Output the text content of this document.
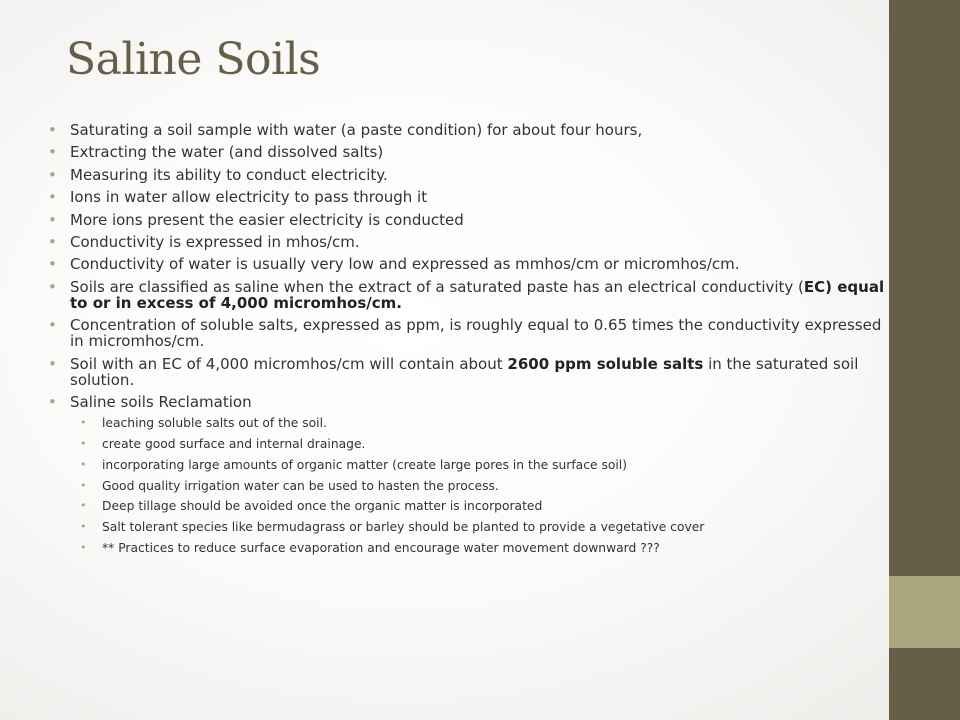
Saline Soils
• Saturating a soil sample with water (a paste condition) for about four hours,
• Extracting the water (and dissolved salts)
• Measuring its ability to conduct electricity.
• Ions in water allow electricity to pass through it
• More ions present the easier electricity is conducted
• Conductivity is expressed in mhos/cm.
• Conductivity of water is usually very low and expressed as mmhos/cm or micromhos/cm.
• Soils are classified as saline when the extract of a saturated paste has an electrical conductivity (EC) equal to or in excess of 4,000 micromhos/cm.
• Concentration of soluble salts, expressed as ppm, is roughly equal to 0.65 times the conductivity expressed in micromhos/cm.
• Soil with an EC of 4,000 micromhos/cm will contain about 2600 ppm soluble salts in the saturated soil solution.
• Saline soils Reclamation
• leaching soluble salts out of the soil.
• create good surface and internal drainage.
• incorporating large amounts of organic matter (create large pores in the surface soil)
• Good quality irrigation water can be used to hasten the process.
• Deep tillage should be avoided once the organic matter is incorporated
• Salt tolerant species like bermudagrass or barley should be planted to provide a vegetative cover
• ** Practices to reduce surface evaporation and encourage water movement downward ???
